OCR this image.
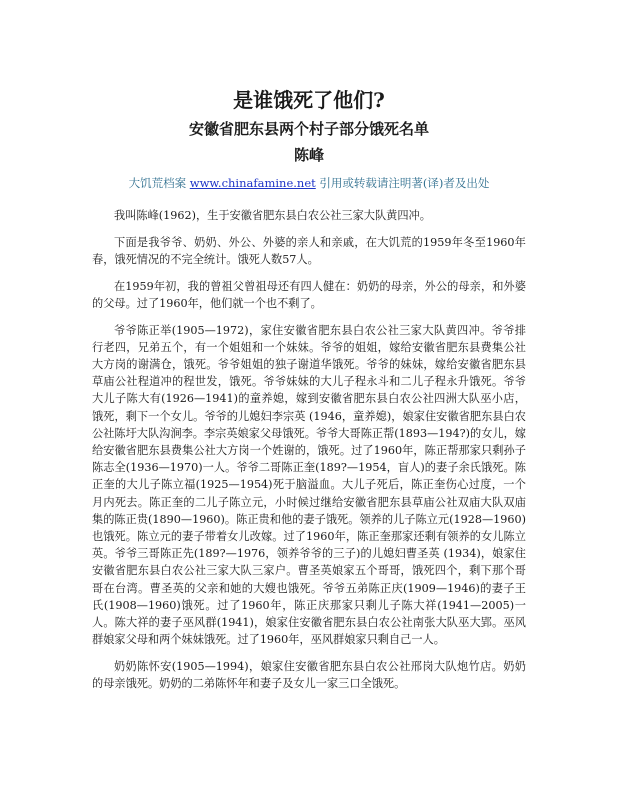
是谁饿死了他们?
安徽省肥东县两个村子部分饿死名单
陈峰
大饥荒档案 www.chinafamine.net 引用或转载请注明著(译)者及出处

我叫陈峰(1962)，生于安徽省肥东县白农公社三家大队黄四冲。

下面是我爷爷、奶奶、外公、外婆的亲人和亲戚，在大饥荒的1959年冬至1960年春，饿死情况的不完全统计。饿死人数57人。

在1959年初，我的曾祖父曾祖母还有四人健在：奶奶的母亲，外公的母亲，和外婆的父母。过了1960年，他们就一个也不剩了。

爷爷陈正举(1905—1972)，家住安徽省肥东县白农公社三家大队黄四冲。爷爷排行老四，兄弟五个，有一个姐姐和一个妹妹。爷爷的姐姐，嫁给安徽省肥东县费集公社大方岗的谢满仓，饿死。爷爷姐姐的独子谢道华饿死。爷爷的妹妹，嫁给安徽省肥东县草庙公社程道冲的程世发，饿死。爷爷妹妹的大儿子程永斗和二儿子程永升饿死。爷爷大儿子陈大有(1926—1941)的童养媳，嫁到安徽省肥东县白农公社四洲大队巫小店，饿死，剩下一个女儿。爷爷的儿媳妇李宗英 (1946，童养媳)，娘家住安徽省肥东县白农公社陈圩大队沟涧李。李宗英娘家父母饿死。爷爷大哥陈正帮(1893—194?)的女儿，嫁给安徽省肥东县费集公社大方岗一个姓谢的，饿死。过了1960年，陈正帮那家只剩孙子陈志全(1936—1970)一人。爷爷二哥陈正奎(189?—1954，盲人)的妻子余氏饿死。陈正奎的大儿子陈立福(1925—1954)死于脑溢血。大儿子死后，陈正奎伤心过度，一个月内死去。陈正奎的二儿子陈立元，小时候过继给安徽省肥东县草庙公社双庙大队双庙集的陈正贵(1890—1960)。陈正贵和他的妻子饿死。领养的儿子陈立元(1928—1960)也饿死。陈立元的妻子带着女儿改嫁。过了1960年，陈正奎那家还剩有领养的女儿陈立英。爷爷三哥陈正先(189?—1976，领养爷爷的三子)的儿媳妇曹圣英 (1934)，娘家住安徽省肥东县白农公社三家大队三家户。曹圣英娘家五个哥哥，饿死四个，剩下那个哥哥在台湾。曹圣英的父亲和她的大嫂也饿死。爷爷五弟陈正庆(1909—1946)的妻子王氏(1908—1960)饿死。过了1960年，陈正庆那家只剩儿子陈大祥(1941—2005)一人。陈大祥的妻子巫风群(1941)，娘家住安徽省肥东县白农公社南张大队巫大郢。巫风群娘家父母和两个妹妹饿死。过了1960年，巫风群娘家只剩自己一人。

奶奶陈怀安(1905—1994)，娘家住安徽省肥东县白农公社邢岗大队炮竹店。奶奶的母亲饿死。奶奶的二弟陈怀年和妻子及女儿一家三口全饿死。
